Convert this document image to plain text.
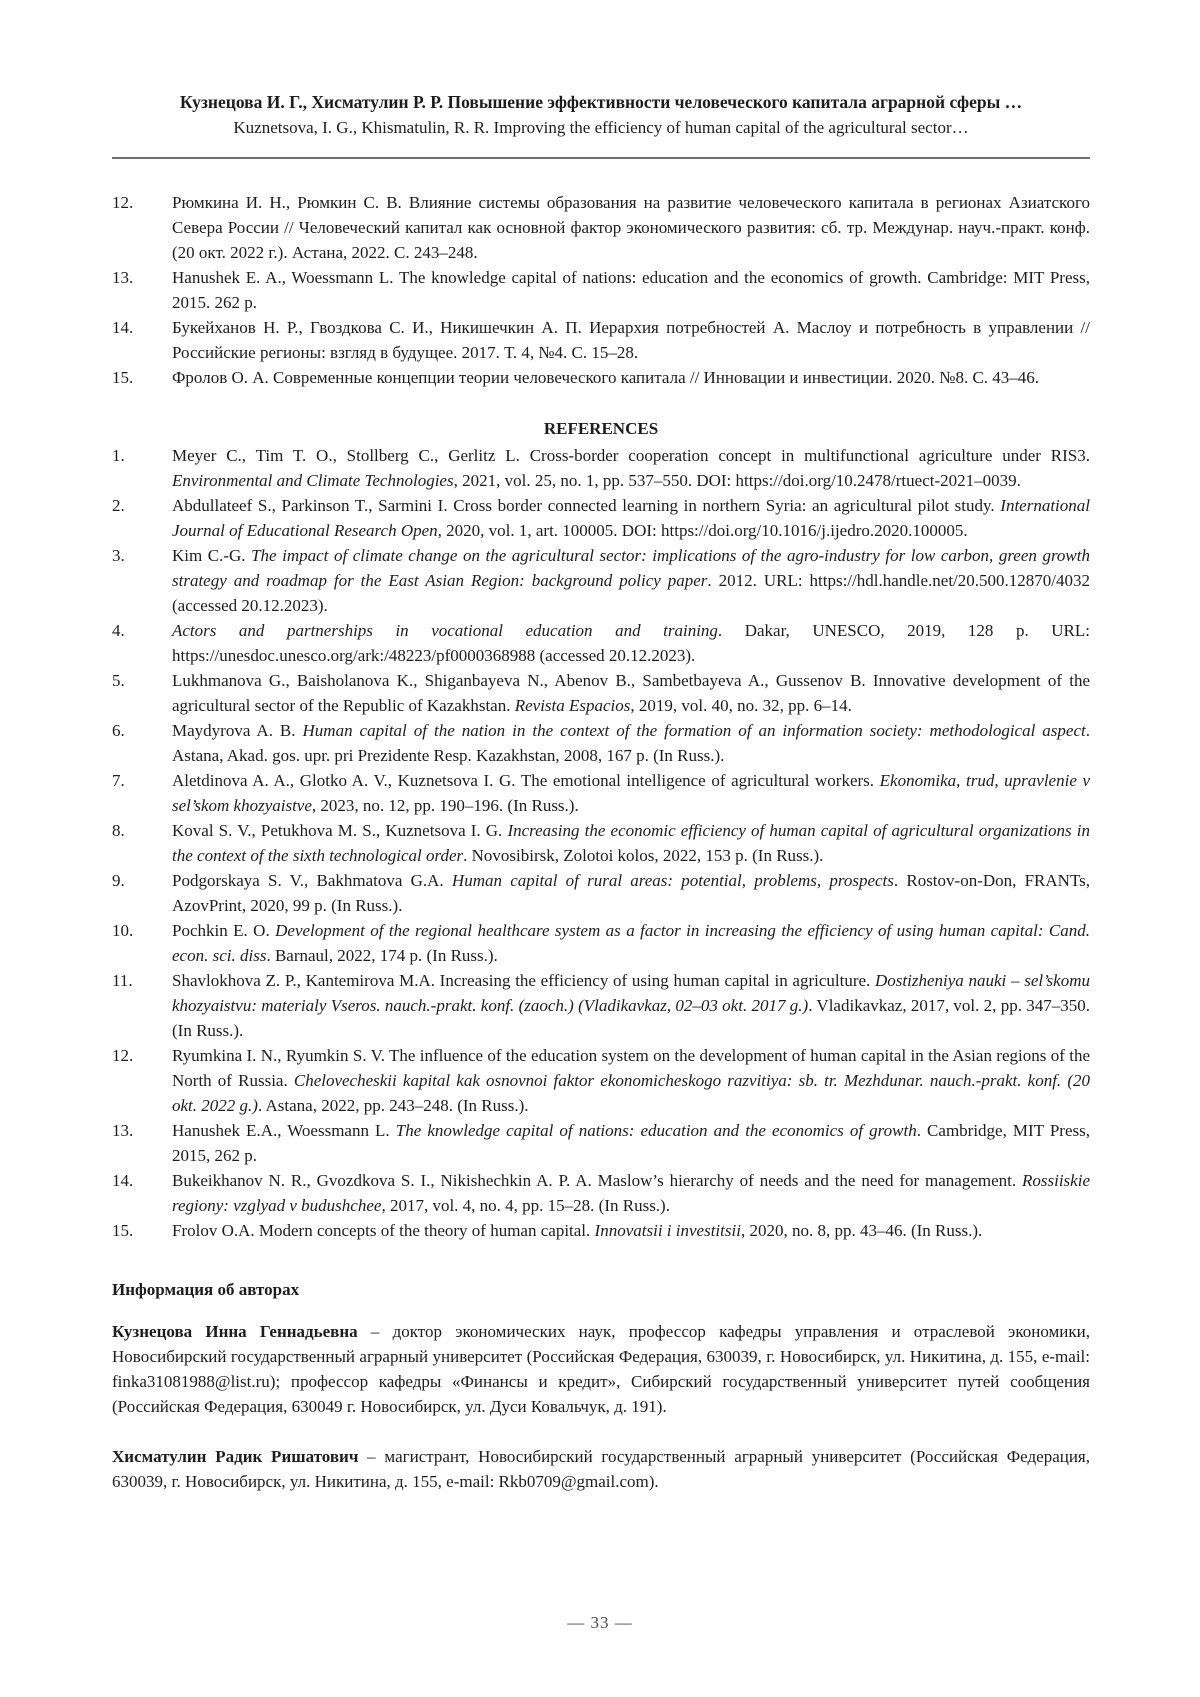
Кузнецова И. Г., Хисматулин Р. Р. Повышение эффективности человеческого капитала аграрной сферы …
Kuznetsova, I. G., Khismatulin, R. R. Improving the efficiency of human capital of the agricultural sector…
12. Рюмкина И. Н., Рюмкин С. В. Влияние системы образования на развитие человеческого капитала в регионах Азиатского Севера России // Человеческий капитал как основной фактор экономического развития: сб. тр. Междунар. науч.-практ. конф. (20 окт. 2022 г.). Астана, 2022. С. 243–248.
13. Hanushek E. A., Woessmann L. The knowledge capital of nations: education and the economics of growth. Cambridge: MIT Press, 2015. 262 p.
14. Букейханов Н. Р., Гвоздкова С. И., Никишечкин А. П. Иерархия потребностей А. Маслоу и потребность в управлении // Российские регионы: взгляд в будущее. 2017. Т. 4, №4. С. 15–28.
15. Фролов О. А. Современные концепции теории человеческого капитала // Инновации и инвестиции. 2020. №8. С. 43–46.
REFERENCES
1.	Meyer C., Tim T. O., Stollberg C., Gerlitz L. Cross-border cooperation concept in multifunctional agriculture under RIS3. Environmental and Climate Technologies, 2021, vol. 25, no. 1, pp. 537–550. DOI: https://doi.org/10.2478/rtuect-2021–0039.
2.	Abdullateef S., Parkinson T., Sarmini I. Cross border connected learning in northern Syria: an agricultural pilot study. International Journal of Educational Research Open, 2020, vol. 1, art. 100005. DOI: https://doi.org/10.1016/j.ijedro.2020.100005.
3.	Kim C.-G. The impact of climate change on the agricultural sector: implications of the agro-industry for low carbon, green growth strategy and roadmap for the East Asian Region: background policy paper. 2012. URL: https://hdl.handle.net/20.500.12870/4032 (accessed 20.12.2023).
4.	Actors and partnerships in vocational education and training. Dakar, UNESCO, 2019, 128 p. URL: https://unesdoc.unesco.org/ark:/48223/pf0000368988 (accessed 20.12.2023).
5.	Lukhmanova G., Baisholanova K., Shiganbayeva N., Abenov B., Sambetbayeva A., Gussenov B. Innovative development of the agricultural sector of the Republic of Kazakhstan. Revista Espacios, 2019, vol. 40, no. 32, pp. 6–14.
6.	Maydyrova A. B. Human capital of the nation in the context of the formation of an information society: methodological aspect. Astana, Akad. gos. upr. pri Prezidente Resp. Kazakhstan, 2008, 167 p. (In Russ.).
7.	Aletdinova A. A., Glotko A. V., Kuznetsova I. G. The emotional intelligence of agricultural workers. Ekonomika, trud, upravlenie v sel’skom khozyaistve, 2023, no. 12, pp. 190–196. (In Russ.).
8.	Koval S. V., Petukhova M. S., Kuznetsova I. G. Increasing the economic efficiency of human capital of agricultural organizations in the context of the sixth technological order. Novosibirsk, Zolotoi kolos, 2022, 153 p. (In Russ.).
9.	Podgorskaya S. V., Bakhmatova G.A. Human capital of rural areas: potential, problems, prospects. Rostov-on-Don, FRANTs, AzovPrint, 2020, 99 p. (In Russ.).
10. Pochkin E. O. Development of the regional healthcare system as a factor in increasing the efficiency of using human capital: Cand. econ. sci. diss. Barnaul, 2022, 174 p. (In Russ.).
11. Shavlokhova Z. P., Kantemirova M.A. Increasing the efficiency of using human capital in agriculture. Dostizheniya nauki – sel’skomu khozyaistvu: materialy Vseros. nauch.-prakt. konf. (zaoch.) (Vladikavkaz, 02–03 okt. 2017 g.). Vladikavkaz, 2017, vol. 2, pp. 347–350. (In Russ.).
12. Ryumkina I. N., Ryumkin S. V. The influence of the education system on the development of human capital in the Asian regions of the North of Russia. Chelovecheskii kapital kak osnovnoi faktor ekonomicheskogo razvitiya: sb. tr. Mezhdunar. nauch.-prakt. konf. (20 okt. 2022 g.). Astana, 2022, pp. 243–248. (In Russ.).
13. Hanushek E.A., Woessmann L. The knowledge capital of nations: education and the economics of growth. Cambridge, MIT Press, 2015, 262 p.
14. Bukeikhanov N. R., Gvozdkova S. I., Nikishechkin A. P. A. Maslow’s hierarchy of needs and the need for management. Rossiiskie regiony: vzglyad v budushchee, 2017, vol. 4, no. 4, pp. 15–28. (In Russ.).
15. Frolov O.A. Modern concepts of the theory of human capital. Innovatsii i investitsii, 2020, no. 8, pp. 43–46. (In Russ.).
Информация об авторах
Кузнецова Инна Геннадьевна – доктор экономических наук, профессор кафедры управления и отраслевой экономики, Новосибирский государственный аграрный университет (Российская Федерация, 630039, г. Новосибирск, ул. Никитина, д. 155, e-mail: finka31081988@list.ru); профессор кафедры «Финансы и кредит», Сибирский государственный университет путей сообщения (Российская Федерация, 630049 г. Новосибирск, ул. Дуси Ковальчук, д. 191).
Хисматулин Радик Ришатович – магистрант, Новосибирский государственный аграрный университет (Российская Федерация, 630039, г. Новосибирск, ул. Никитина, д. 155, e-mail: Rkb0709@gmail.com).
— 33 —
